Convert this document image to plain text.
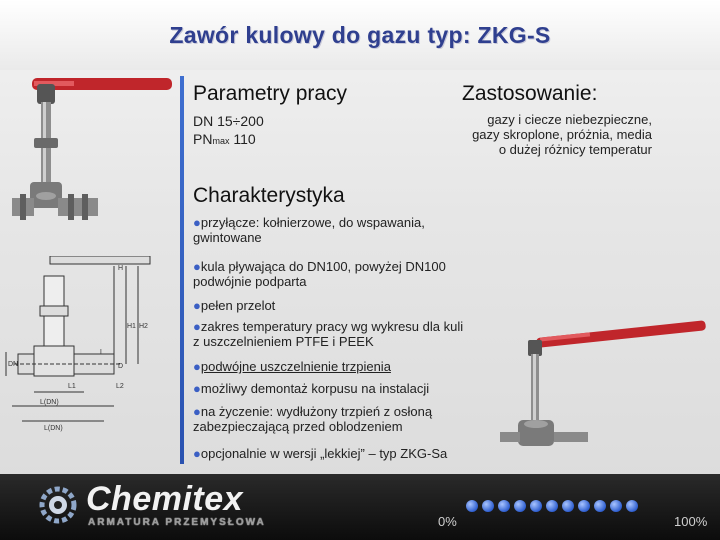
Zawór kulowy do gazu typ: ZKG-S
H
H1 H2
L
L1	L2
DN	D
L(DN)
L(DN)
Parametry pracy
DN 15÷200
PNmax 110
Zastosowanie:
gazy i ciecze niebezpieczne,
gazy skroplone, próżnia, media
o dużej różnicy temperatur
Charakterystyka
●przyłącze: kołnierzowe, do wspawania, gwintowane
●kula pływająca do DN100, powyżej DN100 podwójnie podparta
●pełen przelot
●zakres temperatury pracy wg wykresu dla kuli z uszczelnieniem PTFE i PEEK
●podwójne uszczelnienie trzpienia
●możliwy demontaż korpusu na instalacji
●na życzenie: wydłużony trzpień z osłoną zabezpieczającą przed oblodzeniem
●opcjonalnie w wersji „lekkiej” – typ ZKG-Sa
Chemitex
ARMATURA PRZEMYSŁOWA	0%	100%
